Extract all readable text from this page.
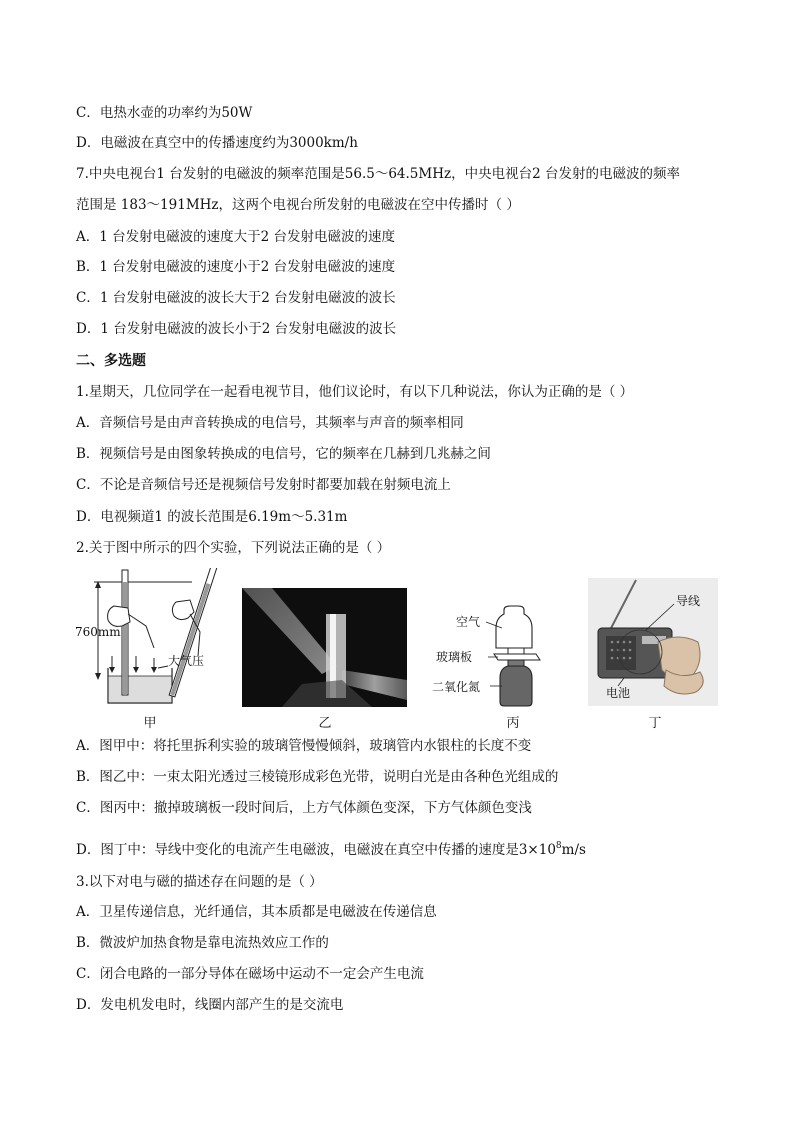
C．电热水壶的功率约为50W
D．电磁波在真空中的传播速度约为3000km/h
7.中央电视台1 台发射的电磁波的频率范围是56.5～64.5MHz，中央电视台2 台发射的电磁波的频率
范围是 183～191MHz，这两个电视台所发射的电磁波在空中传播时（ ）
A．1 台发射电磁波的速度大于2 台发射电磁波的速度
B．1 台发射电磁波的速度小于2 台发射电磁波的速度
C．1 台发射电磁波的波长大于2 台发射电磁波的波长
D．1 台发射电磁波的波长小于2 台发射电磁波的波长
二、多选题
1.星期天，几位同学在一起看电视节目，他们议论时，有以下几种说法，你认为正确的是（ ）
A．音频信号是由声音转换成的电信号，其频率与声音的频率相同
B．视频信号是由图象转换成的电信号，它的频率在几赫到几兆赫之间
C．不论是音频信号还是视频信号发射时都要加载在射频电流上
D．电视频道1 的波长范围是6.19m～5.31m
2.关于图中所示的四个实验，下列说法正确的是（ ）
760mm
大气压
甲	乙
空气
玻璃板
二氧化氮
丙
导线
电池
丁
A．图甲中：将托里拆利实验的玻璃管慢慢倾斜，玻璃管内水银柱的长度不变
B．图乙中：一束太阳光透过三棱镜形成彩色光带，说明白光是由各种色光组成的
C．图丙中：撤掉玻璃板一段时间后，上方气体颜色变深，下方气体颜色变浅
D．图丁中：导线中变化的电流产生电磁波，电磁波在真空中传播的速度是$3\times 10^8m/s$
3.以下对电与磁的描述存在问题的是（ ）
A．卫星传递信息，光纤通信，其本质都是电磁波在传递信息
B．微波炉加热食物是靠电流热效应工作的
C．闭合电路的一部分导体在磁场中运动不一定会产生电流
D．发电机发电时，线圈内部产生的是交流电
